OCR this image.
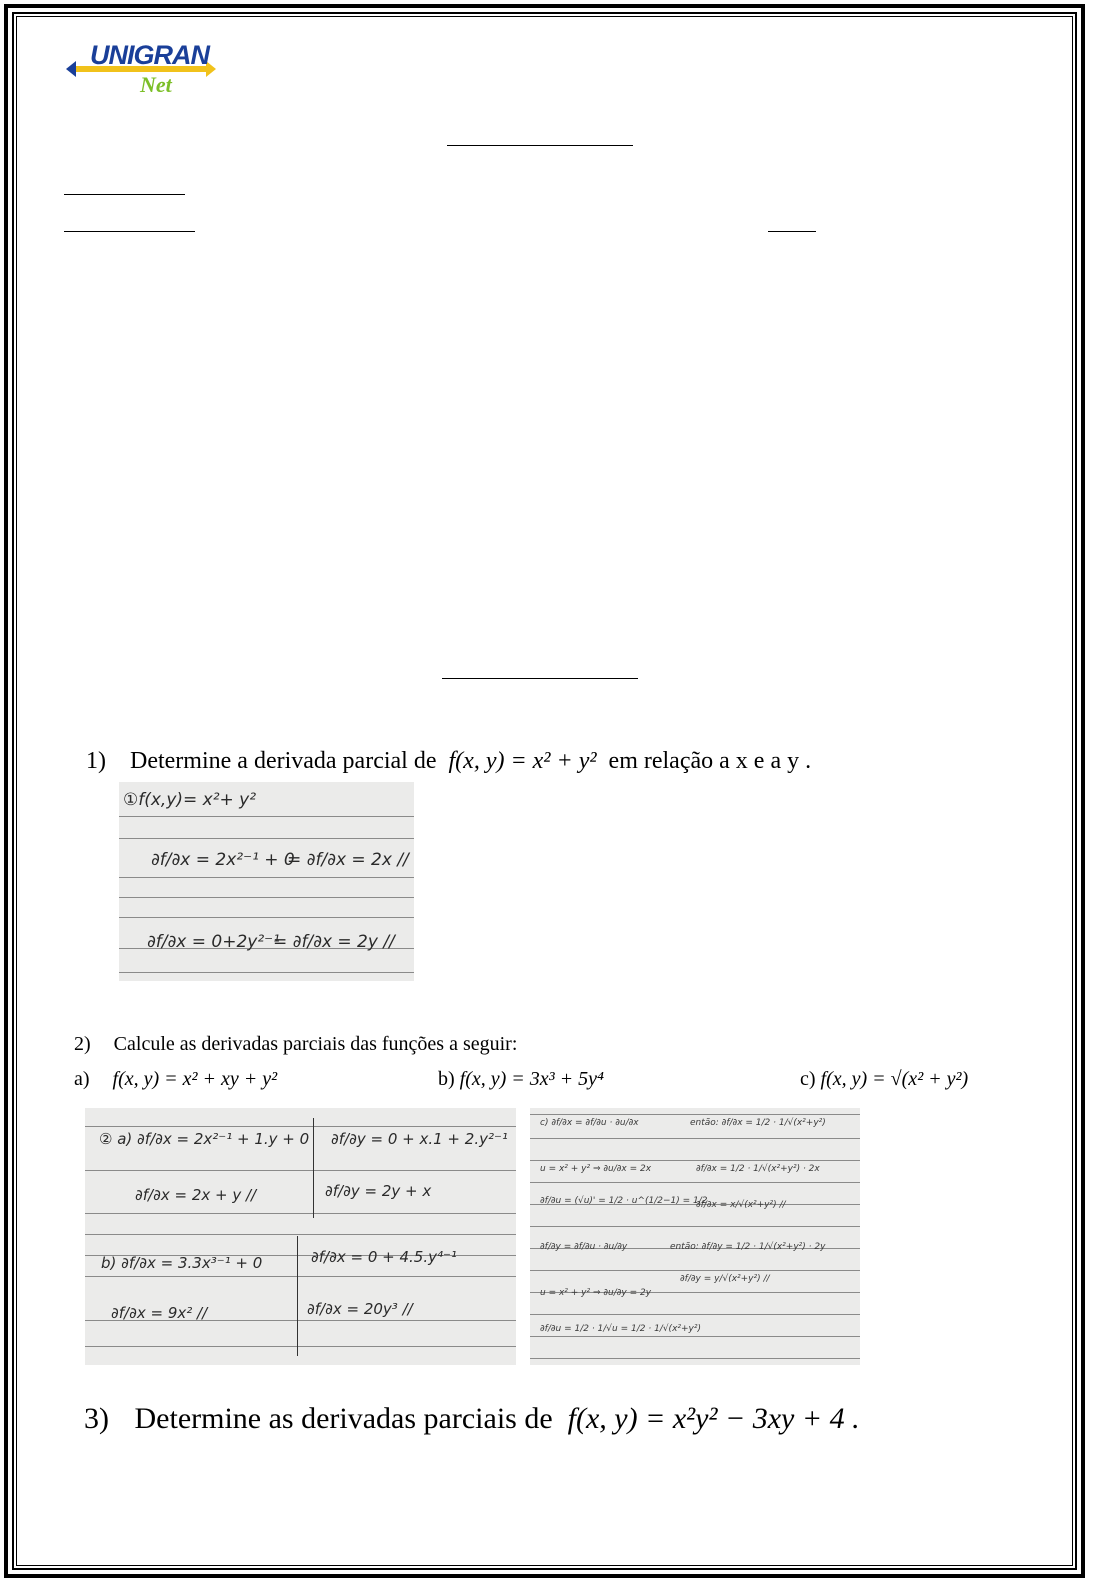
UNIGRAN
Net
1) Determine a derivada parcial de f(x, y) = x² + y² em relação a x e a y .
①f(x,y)= x²+ y²
∂f/∂x = 2x²⁻¹ + 0
= ∂f/∂x = 2x //
∂f/∂x = 0+2y²⁻¹
= ∂f/∂x = 2y //
2) Calcule as derivadas parciais das funções a seguir:
a) f(x, y) = x² + xy + y²	b) f(x, y) = 3x³ + 5y⁴	c) f(x, y) = √(x² + y²)
② a) ∂f/∂x = 2x²⁻¹ + 1.y + 0 ∂f/∂y = 0 + x.1 + 2.y²⁻¹
∂f/∂x = 2x + y //	∂f/∂y = 2y + x
b) ∂f/∂x = 3.3x³⁻¹ + 0	∂f/∂x = 0 + 4.5.y⁴⁻¹
∂f/∂x = 9x² //	∂f/∂x = 20y³ //
c) ∂f/∂x = ∂f/∂u · ∂u/∂x	então: ∂f/∂x = 1/2 · 1/√(x²+y²)
u = x² + y² ⇒ ∂u/∂x = 2x	∂f/∂x = 1/2 · 1/√(x²+y²) · 2x
∂f/∂u = (√u)' = 1/2 · u^(1/2−1) = 1/2
∂f/∂x = x/√(x²+y²) //
∂f/∂y = ∂f/∂u · ∂u/∂y	então: ∂f/∂y = 1/2 · 1/√(x²+y²) · 2y
u = x² + y² ⇒ ∂u/∂y = 2y
∂f/∂y = y/√(x²+y²) //
∂f/∂u = 1/2 · 1/√u = 1/2 · 1/√(x²+y²)
3) Determine as derivadas parciais de f(x, y) = x²y² − 3xy + 4 .
